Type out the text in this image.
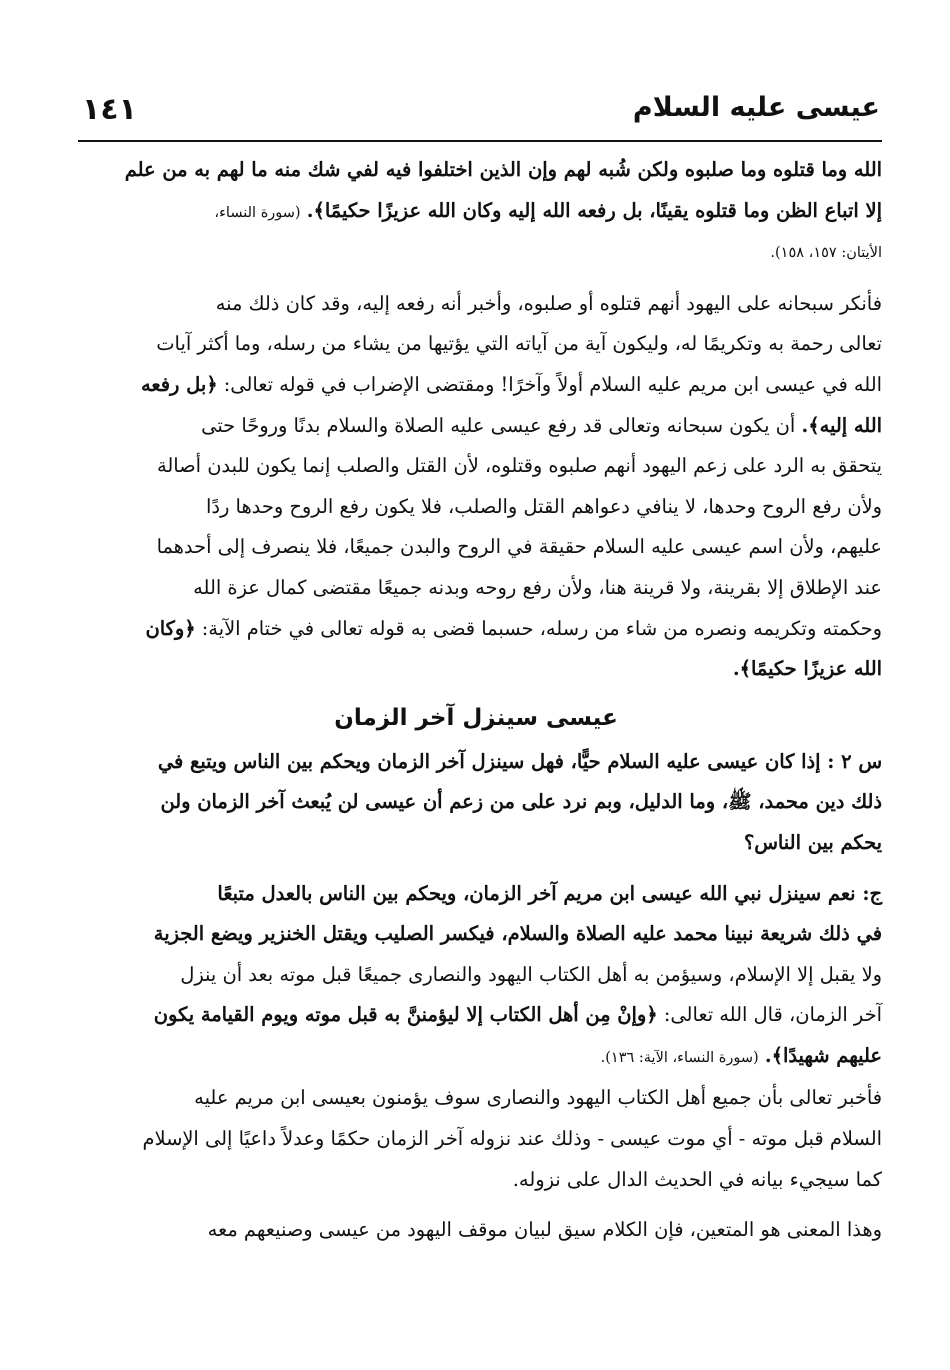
١٤١	عيسى عليه السلام

الله وما قتلوه وما صلبوه ولكن شُبه لهم وإن الذين اختلفوا فيه لفي شك منه ما لهم به من علم

إلا اتباع الظن وما قتلوه يقينًا، بل رفعه الله إليه وكان الله عزيزًا حكيمًا﴾. (سورة النساء،

الأيتان: ١٥٧، ١٥٨).

فأنكر سبحانه على اليهود أنهم قتلوه أو صلبوه، وأخبر أنه رفعه إليه، وقد كان ذلك منه

تعالى رحمة به وتكريمًا له، وليكون آية من آياته التي يؤتيها من يشاء من رسله، وما أكثر آيات

الله في عيسى ابن مريم عليه السلام أولاً وآخرًا! ومقتضى الإضراب في قوله تعالى: ﴿بل رفعه

الله إليه﴾. أن يكون سبحانه وتعالى قد رفع عيسى عليه الصلاة والسلام بدنًا وروحًا حتى

يتحقق به الرد على زعم اليهود أنهم صلبوه وقتلوه، لأن القتل والصلب إنما يكون للبدن أصالة

ولأن رفع الروح وحدها، لا ينافي دعواهم القتل والصلب، فلا يكون رفع الروح وحدها ردًا

عليهم، ولأن اسم عيسى عليه السلام حقيقة في الروح والبدن جميعًا، فلا ينصرف إلى أحدهما

عند الإطلاق إلا بقرينة، ولا قرينة هنا، ولأن رفع روحه وبدنه جميعًا مقتضى كمال عزة الله

وحكمته وتكريمه ونصره من شاء من رسله، حسبما قضى به قوله تعالى في ختام الآية: ﴿وكان

الله عزيزًا حكيمًا﴾.

عيسى سينزل آخر الزمان

س ٢ : إذا كان عيسى عليه السلام حيًّا، فهل سينزل آخر الزمان ويحكم بين الناس ويتبع في

ذلك دين محمد، ﷺ، وما الدليل، وبم نرد على من زعم أن عيسى لن يُبعث آخر الزمان ولن

يحكم بين الناس؟

ج: نعم سينزل نبي الله عيسى ابن مريم آخر الزمان، ويحكم بين الناس بالعدل متبعًا

في ذلك شريعة نبينا محمد عليه الصلاة والسلام، فيكسر الصليب ويقتل الخنزير ويضع الجزية

ولا يقبل إلا الإسلام، وسيؤمن به أهل الكتاب اليهود والنصارى جميعًا قبل موته بعد أن ينزل

آخر الزمان، قال الله تعالى: ﴿وإنْ مِن أهل الكتاب إلا ليؤمننَّ به قبل موته ويوم القيامة يكون

عليهم شهيدًا﴾. (سورة النساء، الآية: ١٣٦).

فأخبر تعالى بأن جميع أهل الكتاب اليهود والنصارى سوف يؤمنون بعيسى ابن مريم عليه

السلام قبل موته - أي موت عيسى - وذلك عند نزوله آخر الزمان حكمًا وعدلاً داعيًا إلى الإسلام

كما سيجيء بيانه في الحديث الدال على نزوله.

وهذا المعنى هو المتعين، فإن الكلام سيق لبيان موقف اليهود من عيسى وصنيعهم معه
